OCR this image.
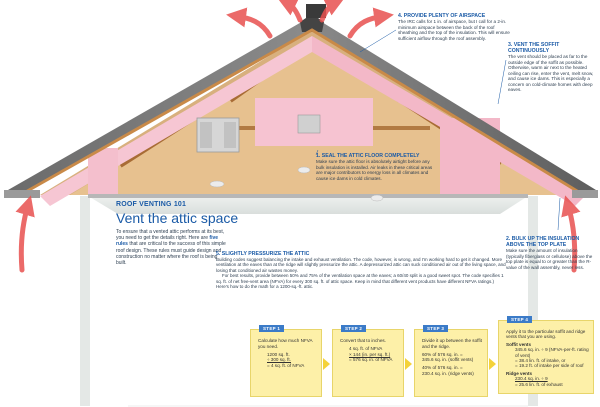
ROOF VENTING 101
Vent the attic space
To ensure that a vented attic performs at its best, you need to get the details right. Here are five rules that are critical to the success of this simple roof design. These rules must guide design and construction no matter where the roof is being built.
4. PROVIDE PLENTY OF AIRSPACE
The IRC calls for 1 in. of airspace, but I call for a 2-in. minimum airspace between the back of the roof sheathing and the top of the insulation. This will ensure sufficient airflow through the roof assembly.
3. VENT THE SOFFIT CONTINUOUSLY
The vent should be placed as far to the outside edge of the soffit as possible. Otherwise, warm air next to the heated ceiling can rise, enter the vent, melt snow, and cause ice dams. This is especially a concern on cold-climate homes with deep eaves.
1. SEAL THE ATTIC FLOOR COMPLETELY
Make sure the attic floor is absolutely airtight before any bulk insulation is installed. Air leaks in these critical areas are major contributors to energy loss in all climates and cause ice dams in cold climates.
2. BULK UP THE INSULATION ABOVE THE TOP PLATE
Make sure the amount of insulation (typically fiberglass or cellulose) above the top plate is equal to or greater than the R-value of the wall assembly, never less.
5. SLIGHTLY PRESSURIZE THE ATTIC
Building codes suggest balancing the intake and exhaust ventilation. The code, however, is wrong, and I'm working hard to get it changed. More ventilation at the eaves than at the ridge will slightly pressurize the attic. A depressurized attic can suck conditioned air out of the living space, and losing that conditioned air wastes money.
For best results, provide between 50% and 75% of the ventilation space at the eaves; a 60/40 split is a good sweet spot. The code specifies 1 sq. ft. of net free-vent area (NFVA) for every 300 sq. ft. of attic space. Keep in mind that different vent products have different NFVA ratings.) Here's how to do the math for a 1200-sq.-ft. attic.
STEP 1

Calculate how much NFVA you need.

1200 sq. ft.

÷ 300 sq. ft.

= 4 sq. ft. of NFVA

STEP 2

Convert that to inches.

4 sq. ft. of NFVA

× 144 (in. per sq. ft.)

= 576 sq. in. of NFVA

STEP 3

Divide it up between the soffit and the ridge.

60% of 576 sq. in. =

345.6 sq. in. (soffit vents)

40% of 576 sq. in. =

230.4 sq. in. (ridge vents)

STEP 4

Apply it to the particular soffit and ridge vents that you are using.

Soffit vents

345.6 sq. in. ÷ 9 (NFVA-per-ft. rating of vent)

= 38.4 lin. ft. of intake, or

= 19.2 ft. of intake per side of roof

Ridge vents

230.4 sq. in. ÷ 9

= 25.6 lin. ft. of exhaust
